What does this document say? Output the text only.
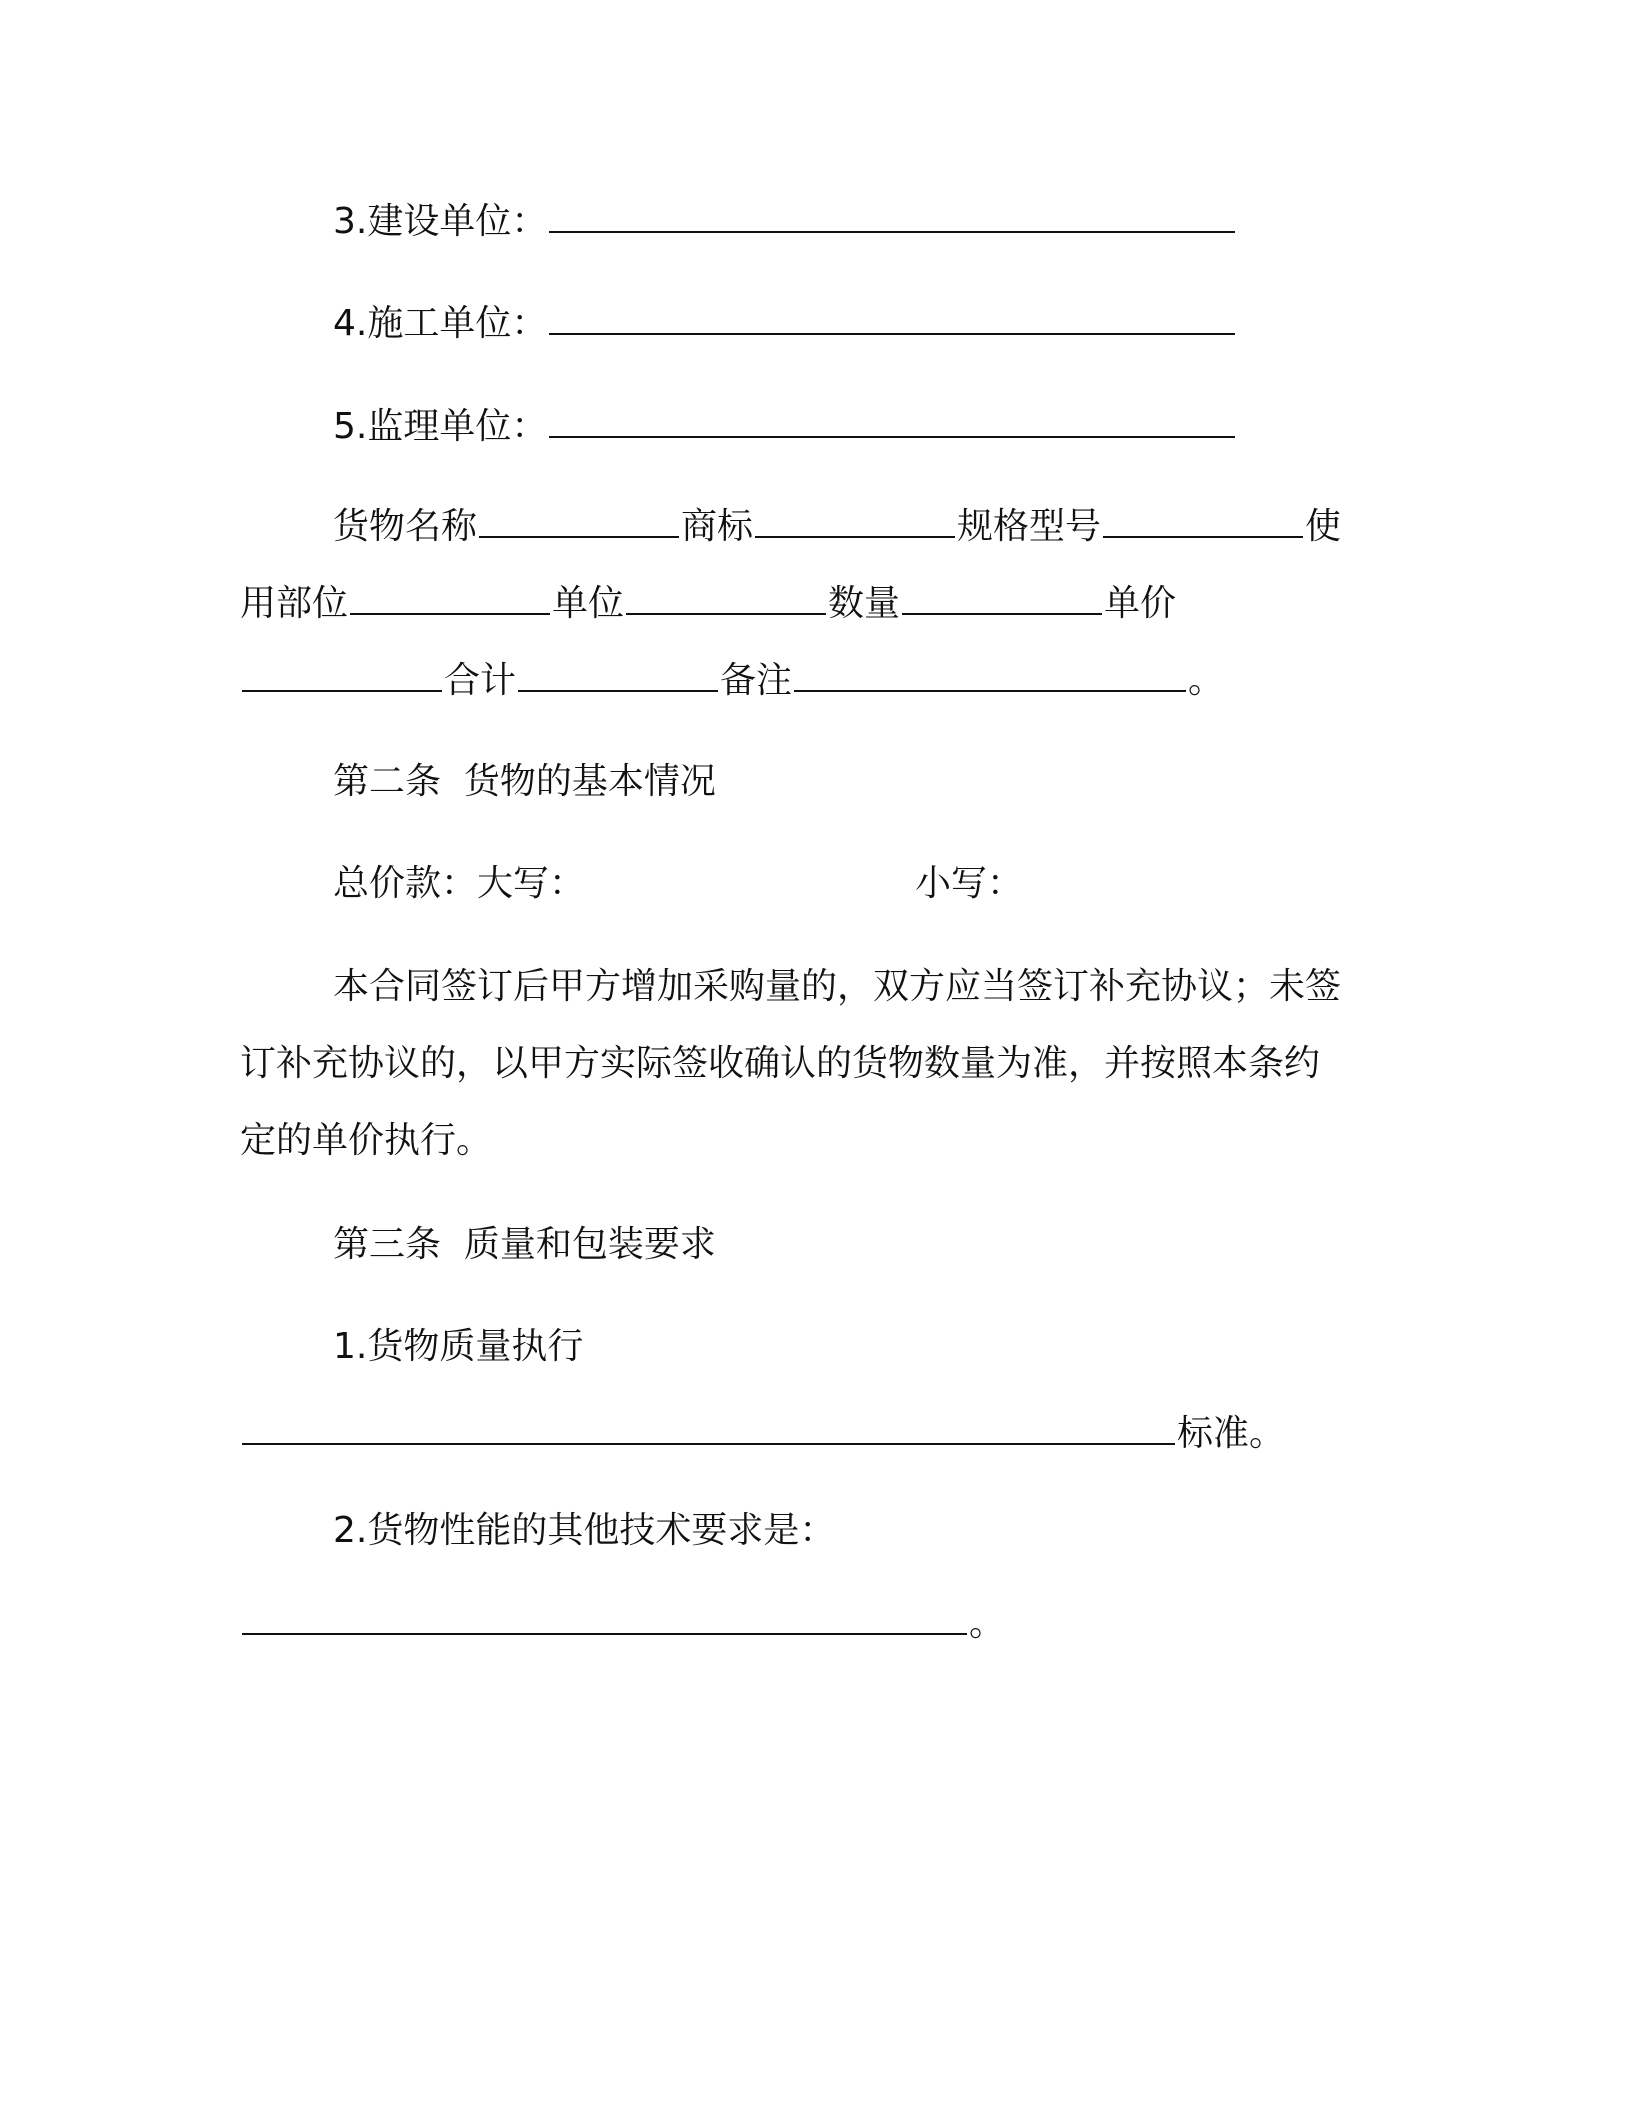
3.建设单位：

4.施工单位：

5.监理单位：

货物名称	商标	规格型号	使

用部位	单位	数量	单价

合计	备注	。

第二条  货物的基本情况

总价款：大写：	小写：

本合同签订后甲方增加采购量的，双方应当签订补充协议；未签

订补充协议的，以甲方实际签收确认的货物数量为准，并按照本条约

定的单价执行。

第三条  质量和包装要求

1.货物质量执行

标准。

2.货物性能的其他技术要求是：

。
